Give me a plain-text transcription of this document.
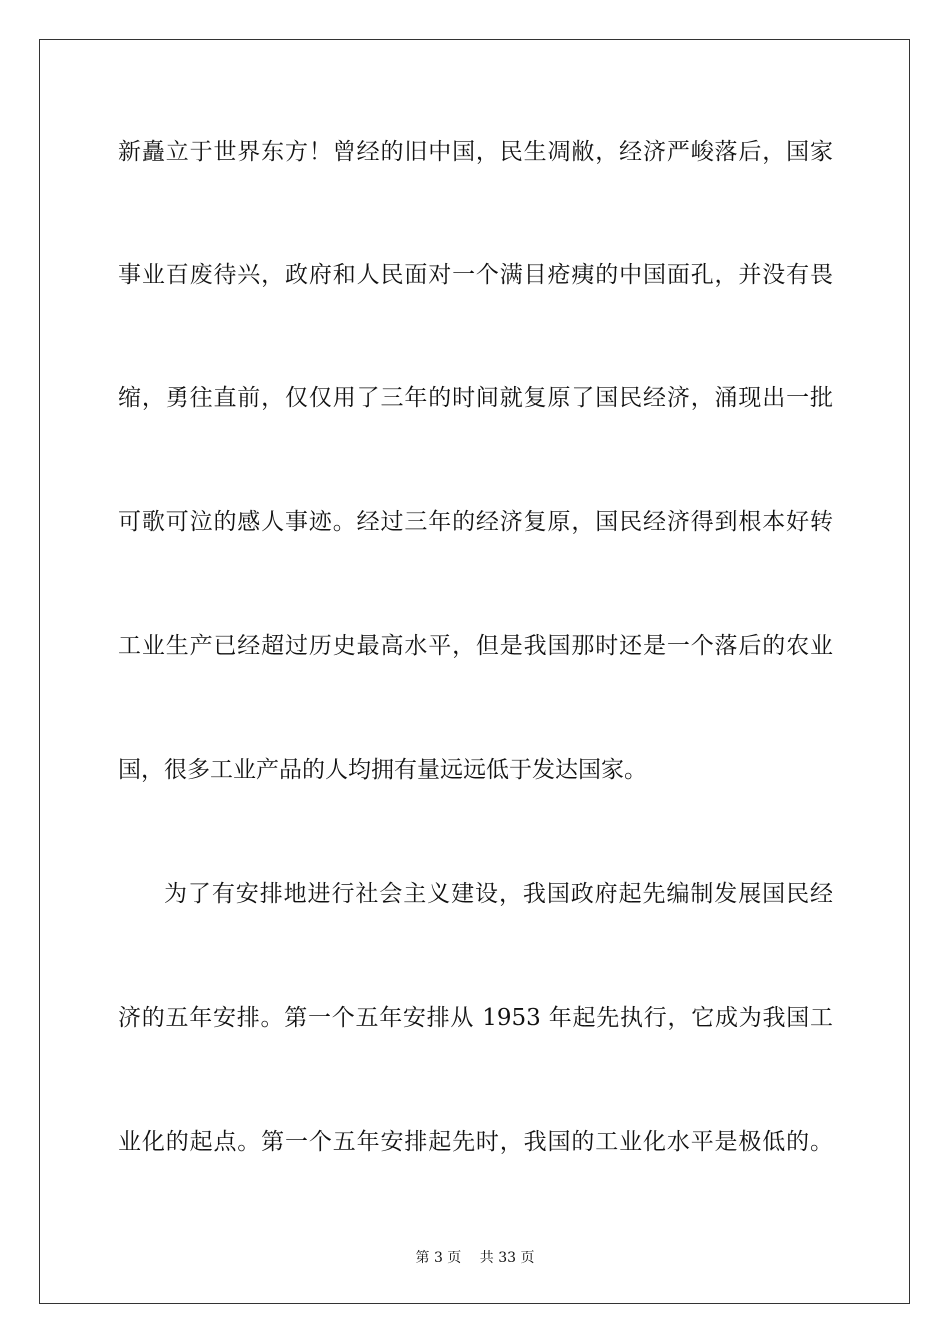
新矗立于世界东方！曾经的旧中国，民生凋敝，经济严峻落后，国家
事业百废待兴，政府和人民面对一个满目疮痍的中国面孔，并没有畏
缩，勇往直前，仅仅用了三年的时间就复原了国民经济，涌现出一批
可歌可泣的感人事迹。经过三年的经济复原，国民经济得到根本好转
工业生产已经超过历史最高水平，但是我国那时还是一个落后的农业
国，很多工业产品的人均拥有量远远低于发达国家。
为了有安排地进行社会主义建设，我国政府起先编制发展国民经
济的五年安排。第一个五年安排从 1953 年起先执行，它成为我国工
业化的起点。第一个五年安排起先时，我国的工业化水平是极低的。
第 3 页　 共 33 页
